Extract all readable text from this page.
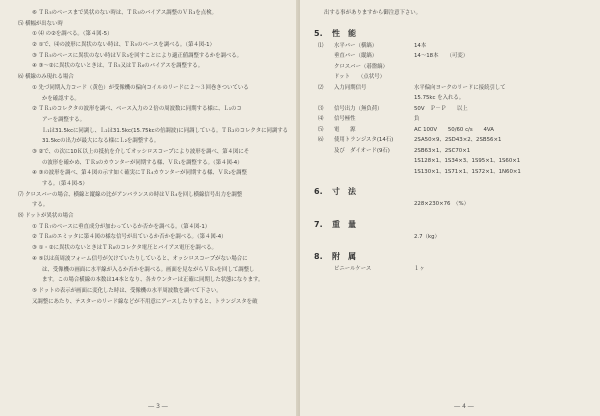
⑥ ＴＲ₅のベースまで異状のない時は、ＴＲ₅のバイアス調整のＶＲ₃を点検。
⑸ 横幅が出ない時
① ⑷ の②を調べる。（第４図-5）
② ①で、⑷の波形に異状のない時は、ＴＲ₅のベースを調べる。（第４図-1）
③ ＴＲ₅のベースに異状のない時はＶＲ₃を回すことにより適正値調整するかを調べる。
④ ③～②に異状のないときは、ＴＲ₅又はＴＲ₆のバイアスを調整する。
⑹ 横線のみ現れる場合
① 先づ同期入力コード（黄色）が受像機の偏向コイルのリードに２～３回巻きついている
かを確認する。
② ＴＲ₁のコレクタの波形を調べ、ベース入力の２倍の周波数に同期する様に、Ｌ₁のコ
アーを調整する。
Ｌ₁は31.5kcに同調し、Ｌ₂は31.5kc(15.75kcの倍調波)に同調している。ＴＲ₂のコレクタに同調する
31.5kcの出力が最大になる様にＬ₂を調整する。
③ ②で、の次に10Ｋ以上の抵抗を介してオッシロスコープにより波形を調べ、第４図にそ
の波形を確かめ、ＴＲ₃のカウンターが同期する様、ＶＲ₁を調整する。（第４図-4）
④ ③の波形を調べ、第４図の示す如く確実にＴＲ₄カウンターが同期する様、ＶＲ₂を調整
する。（第４図-5）
⑺ クロスバーの場合、横線と縦線の比がアンバランスの時はＶＲ₄を回し横線信号出力を調整
する。
⑻ ドットが異状の場合
① ＴＲ₇のベースに垂直成分が加わっているか否かを調べる。（第４図-1）
② ＴＲ₈のエミッタに第４図の様な信号が出ているか否かを調べる。（第４図-4）
③ ①・②に異状のないときはＴＲ₈のコレクタ電圧とバイアス電圧を調べる。
④ ⑤以は高周波フォーム信号が欠けていたりしていると、オッシロスコープがない場合に
は、受像機の画面に水平線が入るか否かを調べる。画面を見ながらＶＲ₅を回して調整し
ます。この場合横線の本数は14本となり、各カウンターは正確に同期した状態になります。
⑤ ドットの表示が画面に変化した時は、受像機の水平周波数を調べて下さい。
又調整にあたり、テスターのリード線などが不用意にアースしたりすると、トランジスタを破
― 3 ―
出する事がありますから御注意下さい。
5. 性　能
⑴	水平バー（横縞）	14本
垂直バー（縦縞）	14～18本　　（可変）
クロスバー（碁盤縞）
ドット　　（点状号）
⑵	入力同期信号	水平偏向ヨークのリードに接続引して
15.75kc を入れる。
⑶	信号出力（無負荷）	50V　Ｐ－Ｐ　　以上
⑷	信号極性	負
⑸	電　　源	AC 100V　　50/60 c/s　　4VA
⑹	使用トランジスタ(14石)	2SA50×9、2SD43×2、2SB56×1
及び　ダイオード(9石)	2SB63×1、2SC70×1
1S128×1、1S34×3、1S95×1、1S60×1
1S130×1、1S71×1、1S72×1、1N60×1
6. 寸　法
228×230×76　（%）
7. 重　量
2.7（kg）
8. 附　属
ビニールケース	１ヶ
― 4 ―
